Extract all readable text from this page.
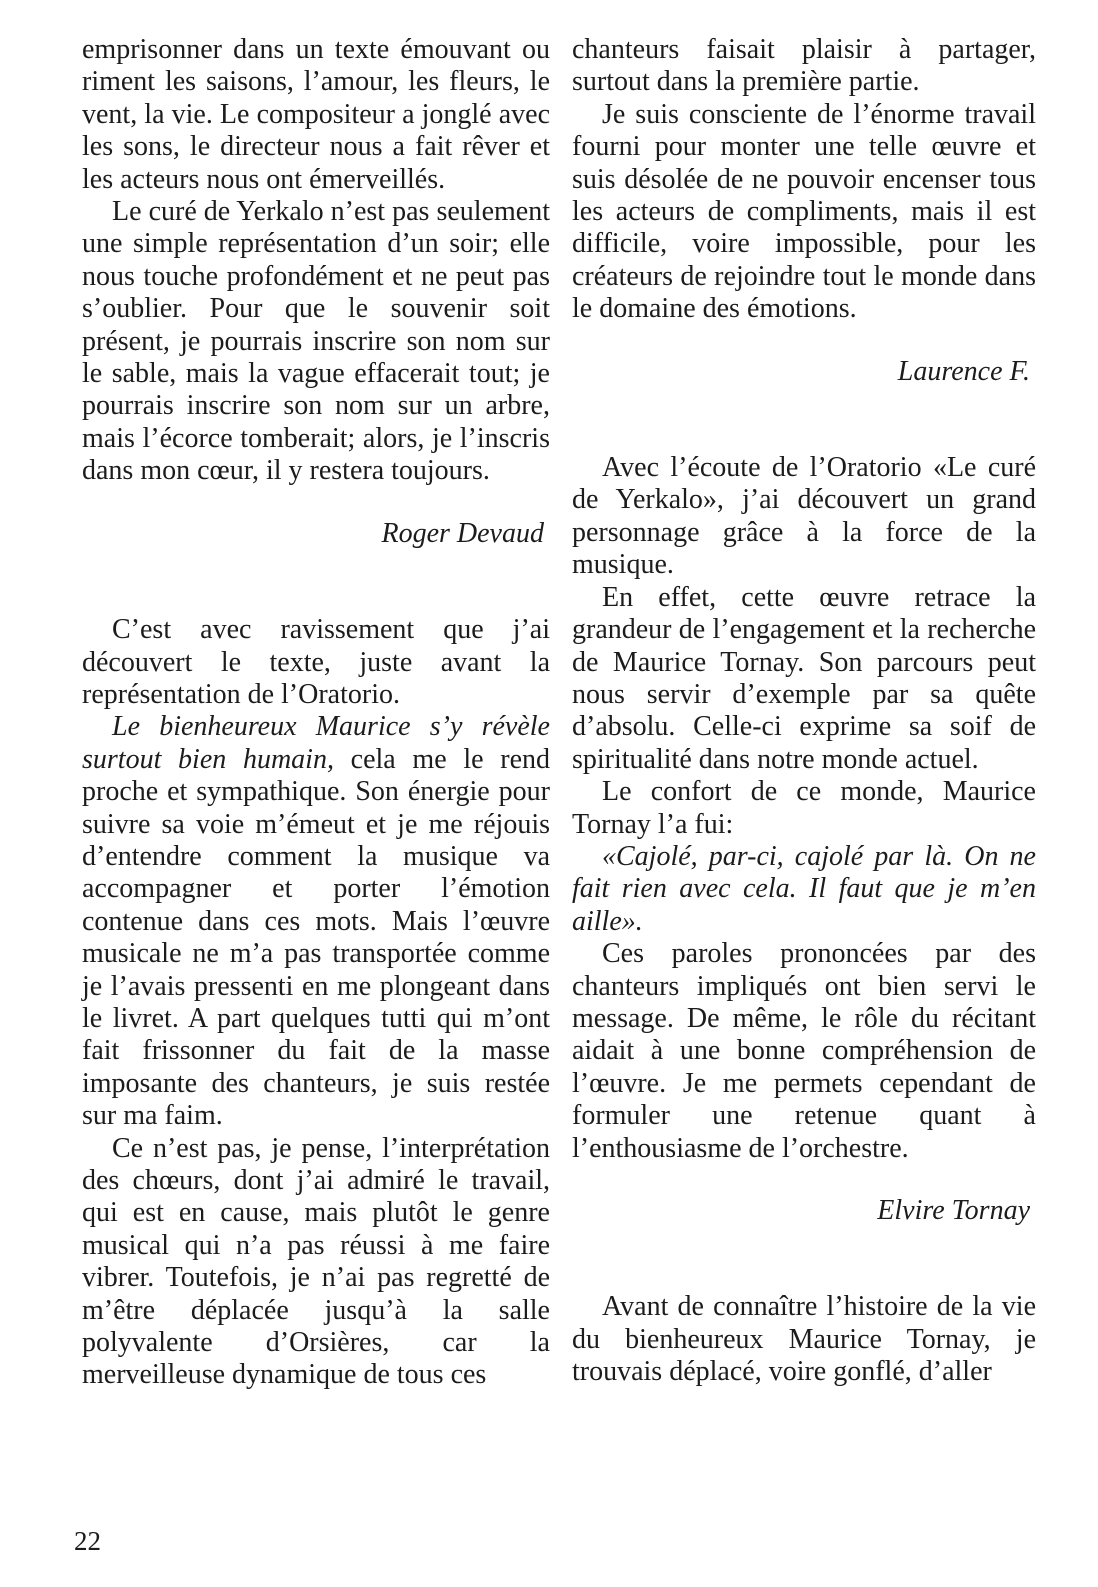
emprisonner dans un texte émouvant ou riment les saisons, l’amour, les fleurs, le vent, la vie. Le compositeur a jonglé avec les sons, le directeur nous a fait rêver et les acteurs nous ont émerveillés.

Le curé de Yerkalo n’est pas seulement une simple représentation d’un soir; elle nous touche profondément et ne peut pas s’oublier. Pour que le souvenir soit présent, je pourrais inscrire son nom sur le sable, mais la vague effacerait tout; je pourrais inscrire son nom sur un arbre, mais l’écorce tomberait; alors, je l’inscris dans mon cœur, il y restera toujours.

Roger Devaud

C’est avec ravissement que j’ai découvert le texte, juste avant la représentation de l’Oratorio.

Le bienheureux Maurice s’y révèle surtout bien humain, cela me le rend proche et sympathique. Son énergie pour suivre sa voie m’émeut et je me réjouis d’entendre comment la musique va accompagner et porter l’émotion contenue dans ces mots. Mais l’œuvre musicale ne m’a pas transportée comme je l’avais pressenti en me plongeant dans le livret. A part quelques tutti qui m’ont fait frissonner du fait de la masse imposante des chanteurs, je suis restée sur ma faim.

Ce n’est pas, je pense, l’interprétation des chœurs, dont j’ai admiré le travail, qui est en cause, mais plutôt le genre musical qui n’a pas réussi à me faire vibrer. Toutefois, je n’ai pas regretté de m’être déplacée jusqu’à la salle polyvalente d’Orsières, car la merveilleuse dynamique de tous ces

chanteurs faisait plaisir à partager, surtout dans la première partie.

Je suis consciente de l’énorme travail fourni pour monter une telle œuvre et suis désolée de ne pouvoir encenser tous les acteurs de compliments, mais il est difficile, voire impossible, pour les créateurs de rejoindre tout le monde dans le domaine des émotions.

Laurence F.

Avec l’écoute de l’Oratorio «Le curé de Yerkalo», j’ai découvert un grand personnage grâce à la force de la musique.

En effet, cette œuvre retrace la grandeur de l’engagement et la recherche de Maurice Tornay. Son parcours peut nous servir d’exemple par sa quête d’absolu. Celle-ci exprime sa soif de spiritualité dans notre monde actuel.

Le confort de ce monde, Maurice Tornay l’a fui:

«Cajolé, par-ci, cajolé par là. On ne fait rien avec cela. Il faut que je m’en aille».

Ces paroles prononcées par des chanteurs impliqués ont bien servi le message. De même, le rôle du récitant aidait à une bonne compréhension de l’œuvre. Je me permets cependant de formuler une retenue quant à l’enthousiasme de l’orchestre.

Elvire Tornay

Avant de connaître l’histoire de la vie du bienheureux Maurice Tornay, je trouvais déplacé, voire gonflé, d’aller

22
